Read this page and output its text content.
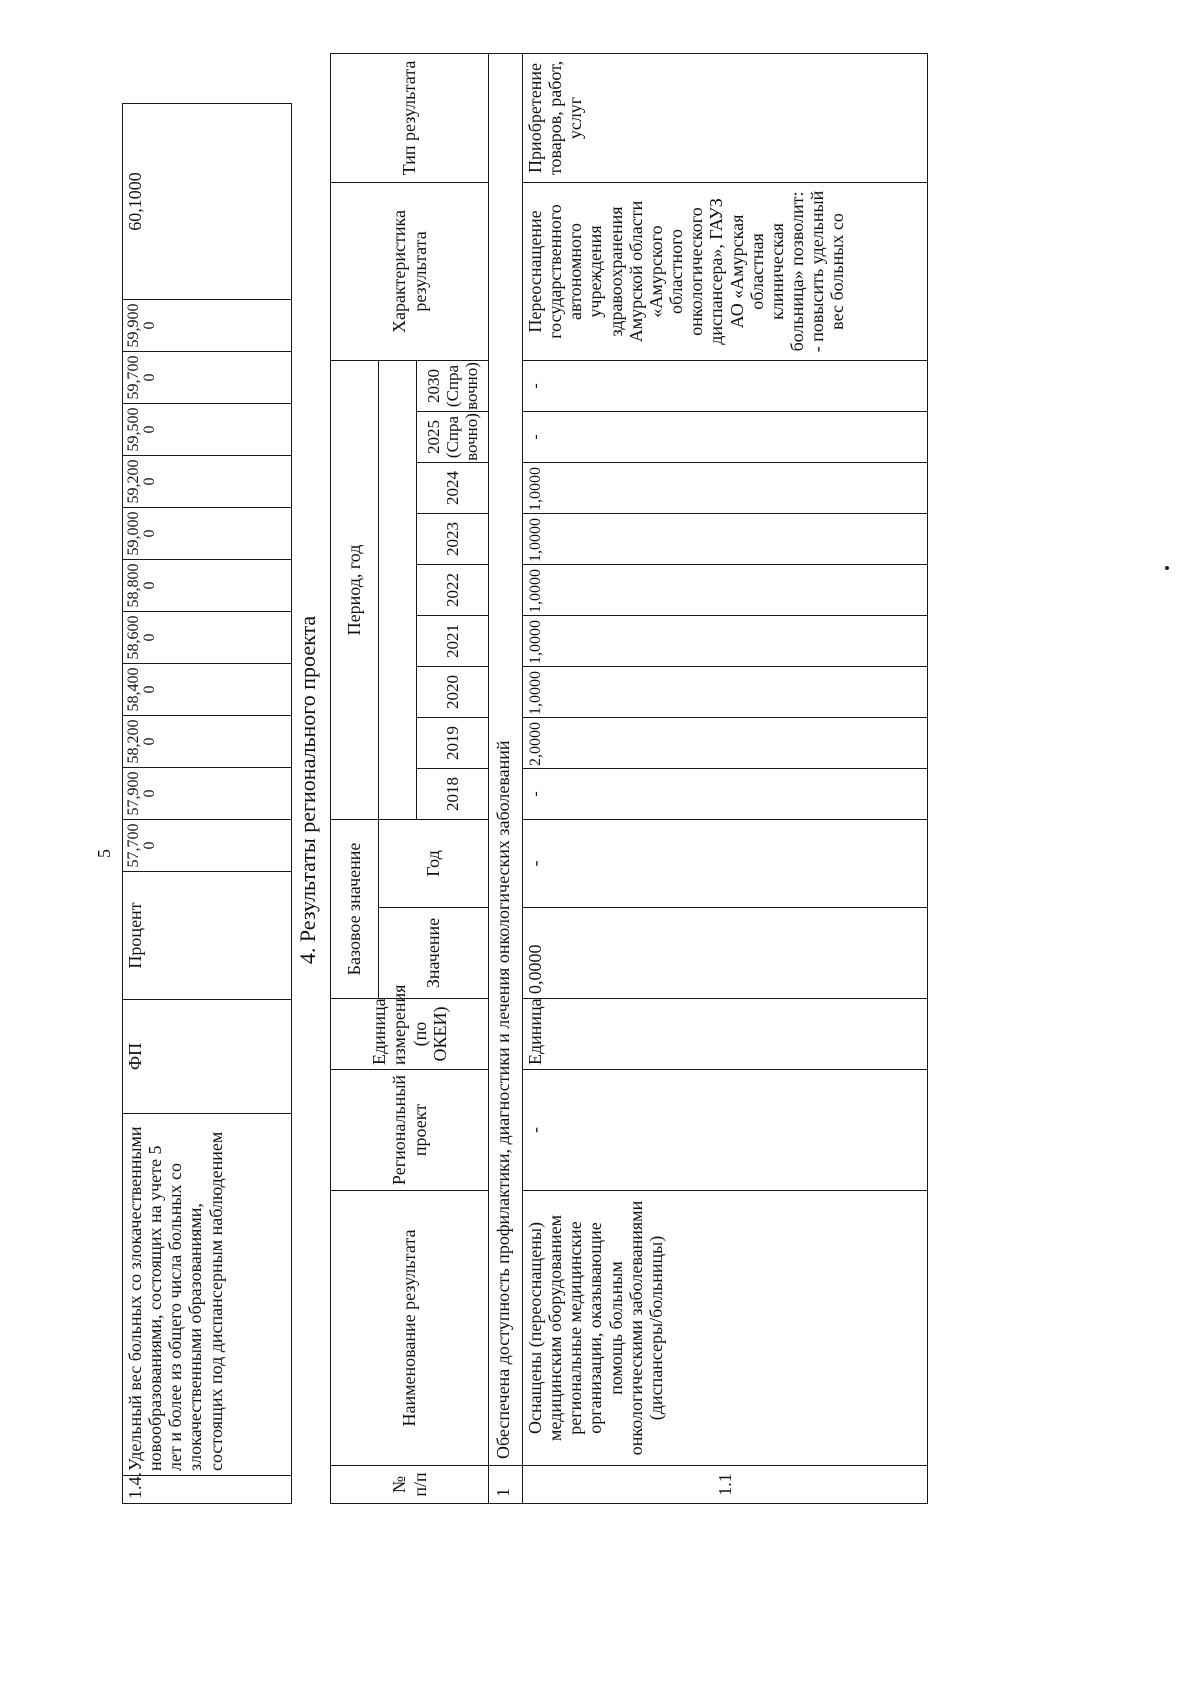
5
1.4.	Удельный вес больных со злокачественными новообразованиями, состоящих на учете 5 лет и более из общего числа больных со злокачественными образованиями, состоящих под диспансерным наблюдением	ФП	Процент	57,700 0	57,900 0	58,200 0	58,400 0	58,600 0	58,800 0	59,000 0	59,200 0	59,500 0	59,700 0	59,900 0	60,1000
4. Результаты регионального проекта
№ п/п	Наименование результата	Региональный проект	Единица измерения (по ОКЕИ)	Базовое значение		Период, год									Характеристика результата	Тип результата
				Значение	Год											
						2018	2019	2020	2021	2022	2023	2024	2025 (Справочно)	2030 (Справочно)		
1	Обеспечена доступность профилактики, диагностики и лечения онкологических заболеваний															
1.1	Оснащены (переоснащены) медицинским оборудованием региональные медицинские организации, оказывающие помощь больным онкологическими заболеваниями (диспансеры/больницы)	-	Единица	0,0000	-	-	2,0000	1,0000	1,0000	1,0000	1,0000	1,0000	-	-	Переоснащение государственного автономного учреждения здравоохранения Амурской области «Амурского областного онкологического диспансера», ГАУЗ АО «Амурская областная клиническая больница» позволит: - повысить удельный вес больных со	Приобретение товаров, работ, услуг
